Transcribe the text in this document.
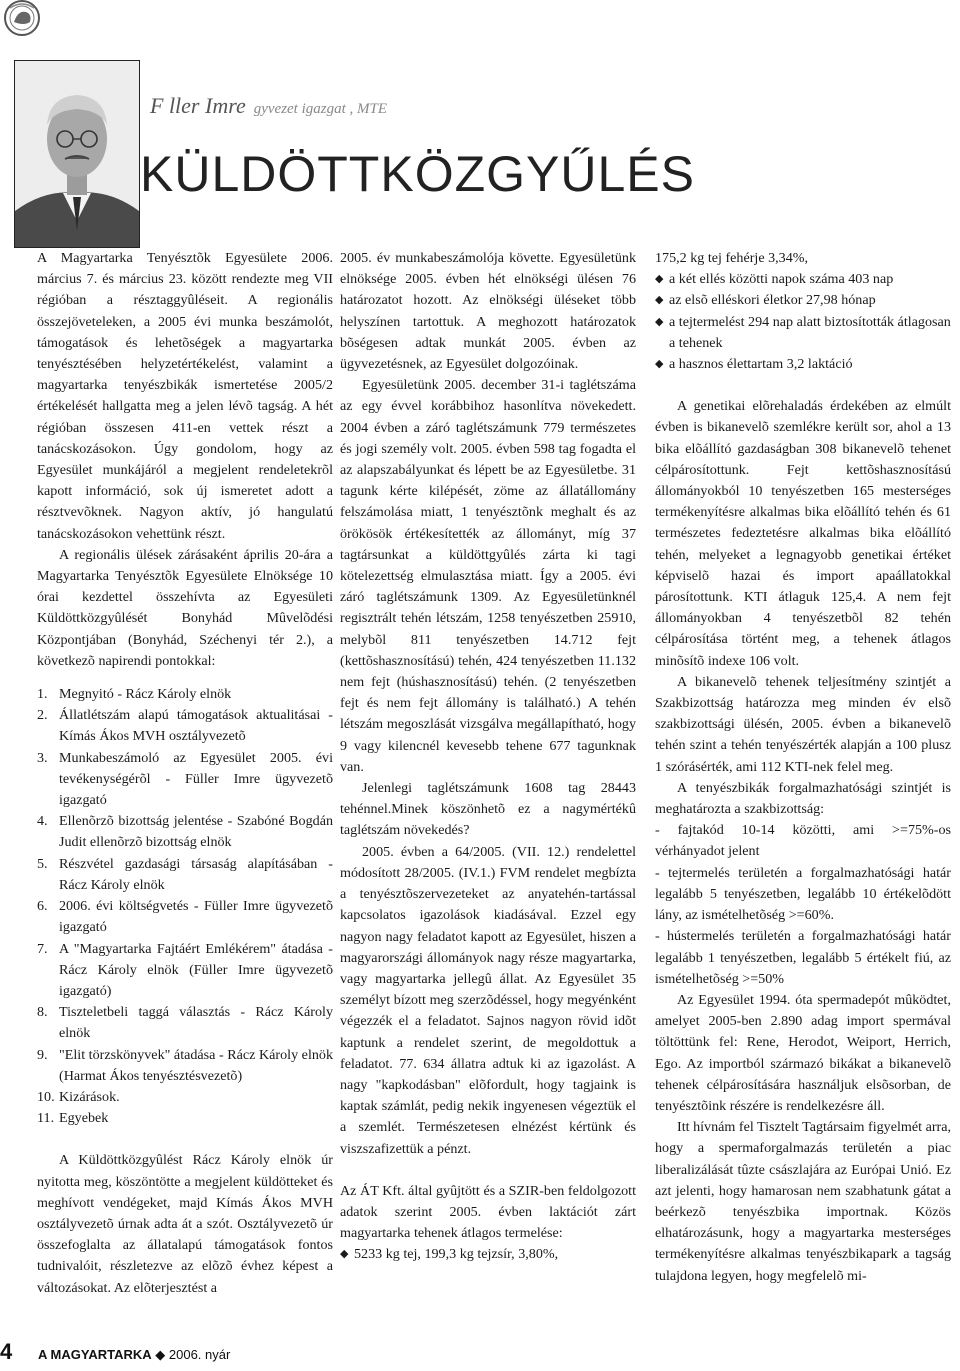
F ller Imre gyvezet igazgat , MTE
KÜLDÖTTKÖZGYŰLÉS

A Magyartarka Tenyésztõk Egyesülete 2006. március 7. és március 23. között rendezte meg VII régióban a résztaggyûléseit. A regionális összejöveteleken, a 2005 évi munka beszámolót, támogatások és lehetõségek a magyartarka tenyésztésében helyzetértékelést, valamint a magyartarka tenyészbikák ismertetése 2005/2 értékelését hallgatta meg a jelen lévõ tagság. A hét régióban összesen 411-en vettek részt a tanácskozásokon. Úgy gondolom, hogy az Egyesület munkájáról a megjelent rendeletekrõl kapott információ, sok új ismeretet adott a résztvevõknek. Nagyon aktív, jó hangulatú tanácskozásokon vehettünk részt.

A regionális ülések zárásaként április 20-ára a Magyartarka Tenyésztõk Egyesülete Elnöksége 10 órai kezdettel összehívta az Egyesületi Küldöttközgyûlését Bonyhád Mûvelõdési Központjában (Bonyhád, Széchenyi tér 2.), a következõ napirendi pontokkal:

1. Megnyitó - Rácz Károly elnök
2. Állatlétszám alapú támogatások aktualitásai - Kímás Ákos MVH osztályvezetõ
3. Munkabeszámoló az Egyesület 2005. évi tevékenységérõl - Füller Imre ügyvezetõ igazgató
4. Ellenõrzõ bizottság jelentése - Szabóné Bogdán Judit ellenõrzõ bizottság elnök
5. Részvétel gazdasági társaság alapításában - Rácz Károly elnök
6. 2006. évi költségvetés - Füller Imre ügyvezetõ igazgató
7. A "Magyartarka Fajtáért Emlékérem" átadása - Rácz Károly elnök (Füller Imre ügyvezetõ igazgató)
8. Tiszteletbeli taggá választás - Rácz Károly elnök
9. "Elit törzskönyvek" átadása - Rácz Károly elnök (Harmat Ákos tenyésztésvezetõ)
10. Kizárások.
11. Egyebek

A Küldöttközgyûlést Rácz Károly elnök úr nyitotta meg, köszöntötte a megjelent küldötteket és meghívott vendégeket, majd Kímás Ákos MVH osztályvezetõ úrnak adta át a szót. Osztályvezetõ úr összefoglalta az állatalapú támogatások fontos tudnivalóit, részletezve az elõzõ évhez képest a változásokat. Az elõterjesztést a

2005. év munkabeszámolója követte. Egyesületünk elnöksége 2005. évben hét elnökségi ülésen 76 határozatot hozott. Az elnökségi üléseket több helyszínen tartottuk. A meghozott határozatok bõségesen adtak munkát 2005. évben az ügyvezetésnek, az Egyesület dolgozóinak.

Egyesületünk 2005. december 31-i taglétszáma az egy évvel korábbihoz hasonlítva növekedett. 2004 évben a záró taglétszámunk 779 természetes és jogi személy volt. 2005. évben 598 tag fogadta el az alapszabályunkat és lépett be az Egyesületbe. 31 tagunk kérte kilépését, zöme az állatállomány felszámolása miatt, 1 tenyésztõnk meghalt és az örökösök értékesítették az állományt, míg 37 tagtársunkat a küldöttgyûlés zárta ki tagi kötelezettség elmulasztása miatt. Így a 2005. évi záró taglétszámunk 1309. Az Egyesületünknél regisztrált tehén létszám, 1258 tenyészetben 25910, melybõl 811 tenyészetben 14.712 fejt (kettõshasznosítású) tehén, 424 tenyészetben 11.132 nem fejt (húshasznosítású) tehén. (2 tenyészetben fejt és nem fejt állomány is található.) A tehén létszám megoszlását vizsgálva megállapítható, hogy 9 vagy kilencnél kevesebb tehene 677 tagunknak van.

Jelenlegi taglétszámunk 1608 tag 28443 tehénnel.Minek köszönhetõ ez a nagymértékû taglétszám növekedés?

2005. évben a 64/2005. (VII. 12.) rendelettel módosított 28/2005. (IV.1.) FVM rendelet megbízta a tenyésztõszervezeteket az anyatehén-tartással kapcsolatos igazolások kiadásával. Ezzel egy nagyon nagy feladatot kapott az Egyesület, hiszen a magyarországi állományok nagy része magyartarka, vagy magyartarka jellegû állat. Az Egyesület 35 személyt bízott meg szerzõdéssel, hogy megyénként végezzék el a feladatot. Sajnos nagyon rövid idõt kaptunk a rendelet szerint, de megoldottuk a feladatot. 77. 634 állatra adtuk ki az igazolást. A nagy "kapkodásban" elõfordult, hogy tagjaink is kaptak számlát, pedig nekik ingyenesen végeztük el a szemlét. Természetesen elnézést kértünk és viszszafizettük a pénzt.

Az ÁT Kft. által gyûjtött és a SZIR-ben feldolgozott adatok szerint 2005. évben laktációt zárt magyartarka tehenek átlagos termelése:

◆ 5233 kg tej, 199,3 kg tejzsír, 3,80%,

175,2 kg tej fehérje 3,34%,

◆ a két ellés közötti napok száma 403 nap
◆ az elsõ elléskori életkor 27,98 hónap
◆ a tejtermelést 294 nap alatt biztosították átlagosan a tehenek
◆ a hasznos élettartam 3,2 laktáció

A genetikai elõrehaladás érdekében az elmúlt évben is bikanevelõ szemlékre került sor, ahol a 13 bika elõállító gazdaságban 308 bikanevelõ tehenet célpárosítottunk. Fejt kettõshasznosítású állományokból 10 tenyészetben 165 mesterséges termékenyítésre alkalmas bika elõállító tehén és 61 természetes fedeztetésre alkalmas bika elõállító tehén, melyeket a legnagyobb genetikai értéket képviselõ hazai és import apaállatokkal párosítottunk. KTI átlaguk 125,4. A nem fejt állományokban 4 tenyészetbõl 82 tehén célpárosítása történt meg, a tehenek átlagos minõsítõ indexe 106 volt.

A bikanevelõ tehenek teljesítmény szintjét a Szakbizottság határozza meg minden év elsõ szakbizottsági ülésén, 2005. évben a bikanevelõ tehén szint a tehén tenyészérték alapján a 100 plusz 1 szórásérték, ami 112 KTI-nek felel meg.

A tenyészbikák forgalmazhatósági szintjét is meghatározta a szakbizottság:

- fajtakód 10-14 közötti, ami >=75%-os vérhányadot jelent

- tejtermelés területén a forgalmazhatósági határ legalább 5 tenyészetben, legalább 10 értékelõdött lány, az ismételhetõség >=60%.

- hústermelés területén a forgalmazhatósági határ legalább 1 tenyészetben, legalább 5 értékelt fiú, az ismételhetõség >=50%

Az Egyesület 1994. óta spermadepót mûködtet, amelyet 2005-ben 2.890 adag import spermával töltöttünk fel: Rene, Herodot, Weiport, Herrich, Ego. Az importból származó bikákat a bikanevelõ tehenek célpárosítására használjuk elsõsorban, de tenyésztõink részére is rendelkezésre áll.

Itt hívnám fel Tisztelt Tagtársaim figyelmét arra, hogy a spermaforgalmazás területén a piac liberalizálását tûzte császlajára az Európai Unió. Ez azt jelenti, hogy hamarosan nem szabhatunk gátat a beérkezõ tenyészbika importnak. Közös elhatározásunk, hogy a magyartarka mesterséges termékenyítésre alkalmas tenyészbikapark a tagság tulajdona legyen, hogy megfelelõ mi-

4 A MAGYARTARKA ◆ 2006. nyár
